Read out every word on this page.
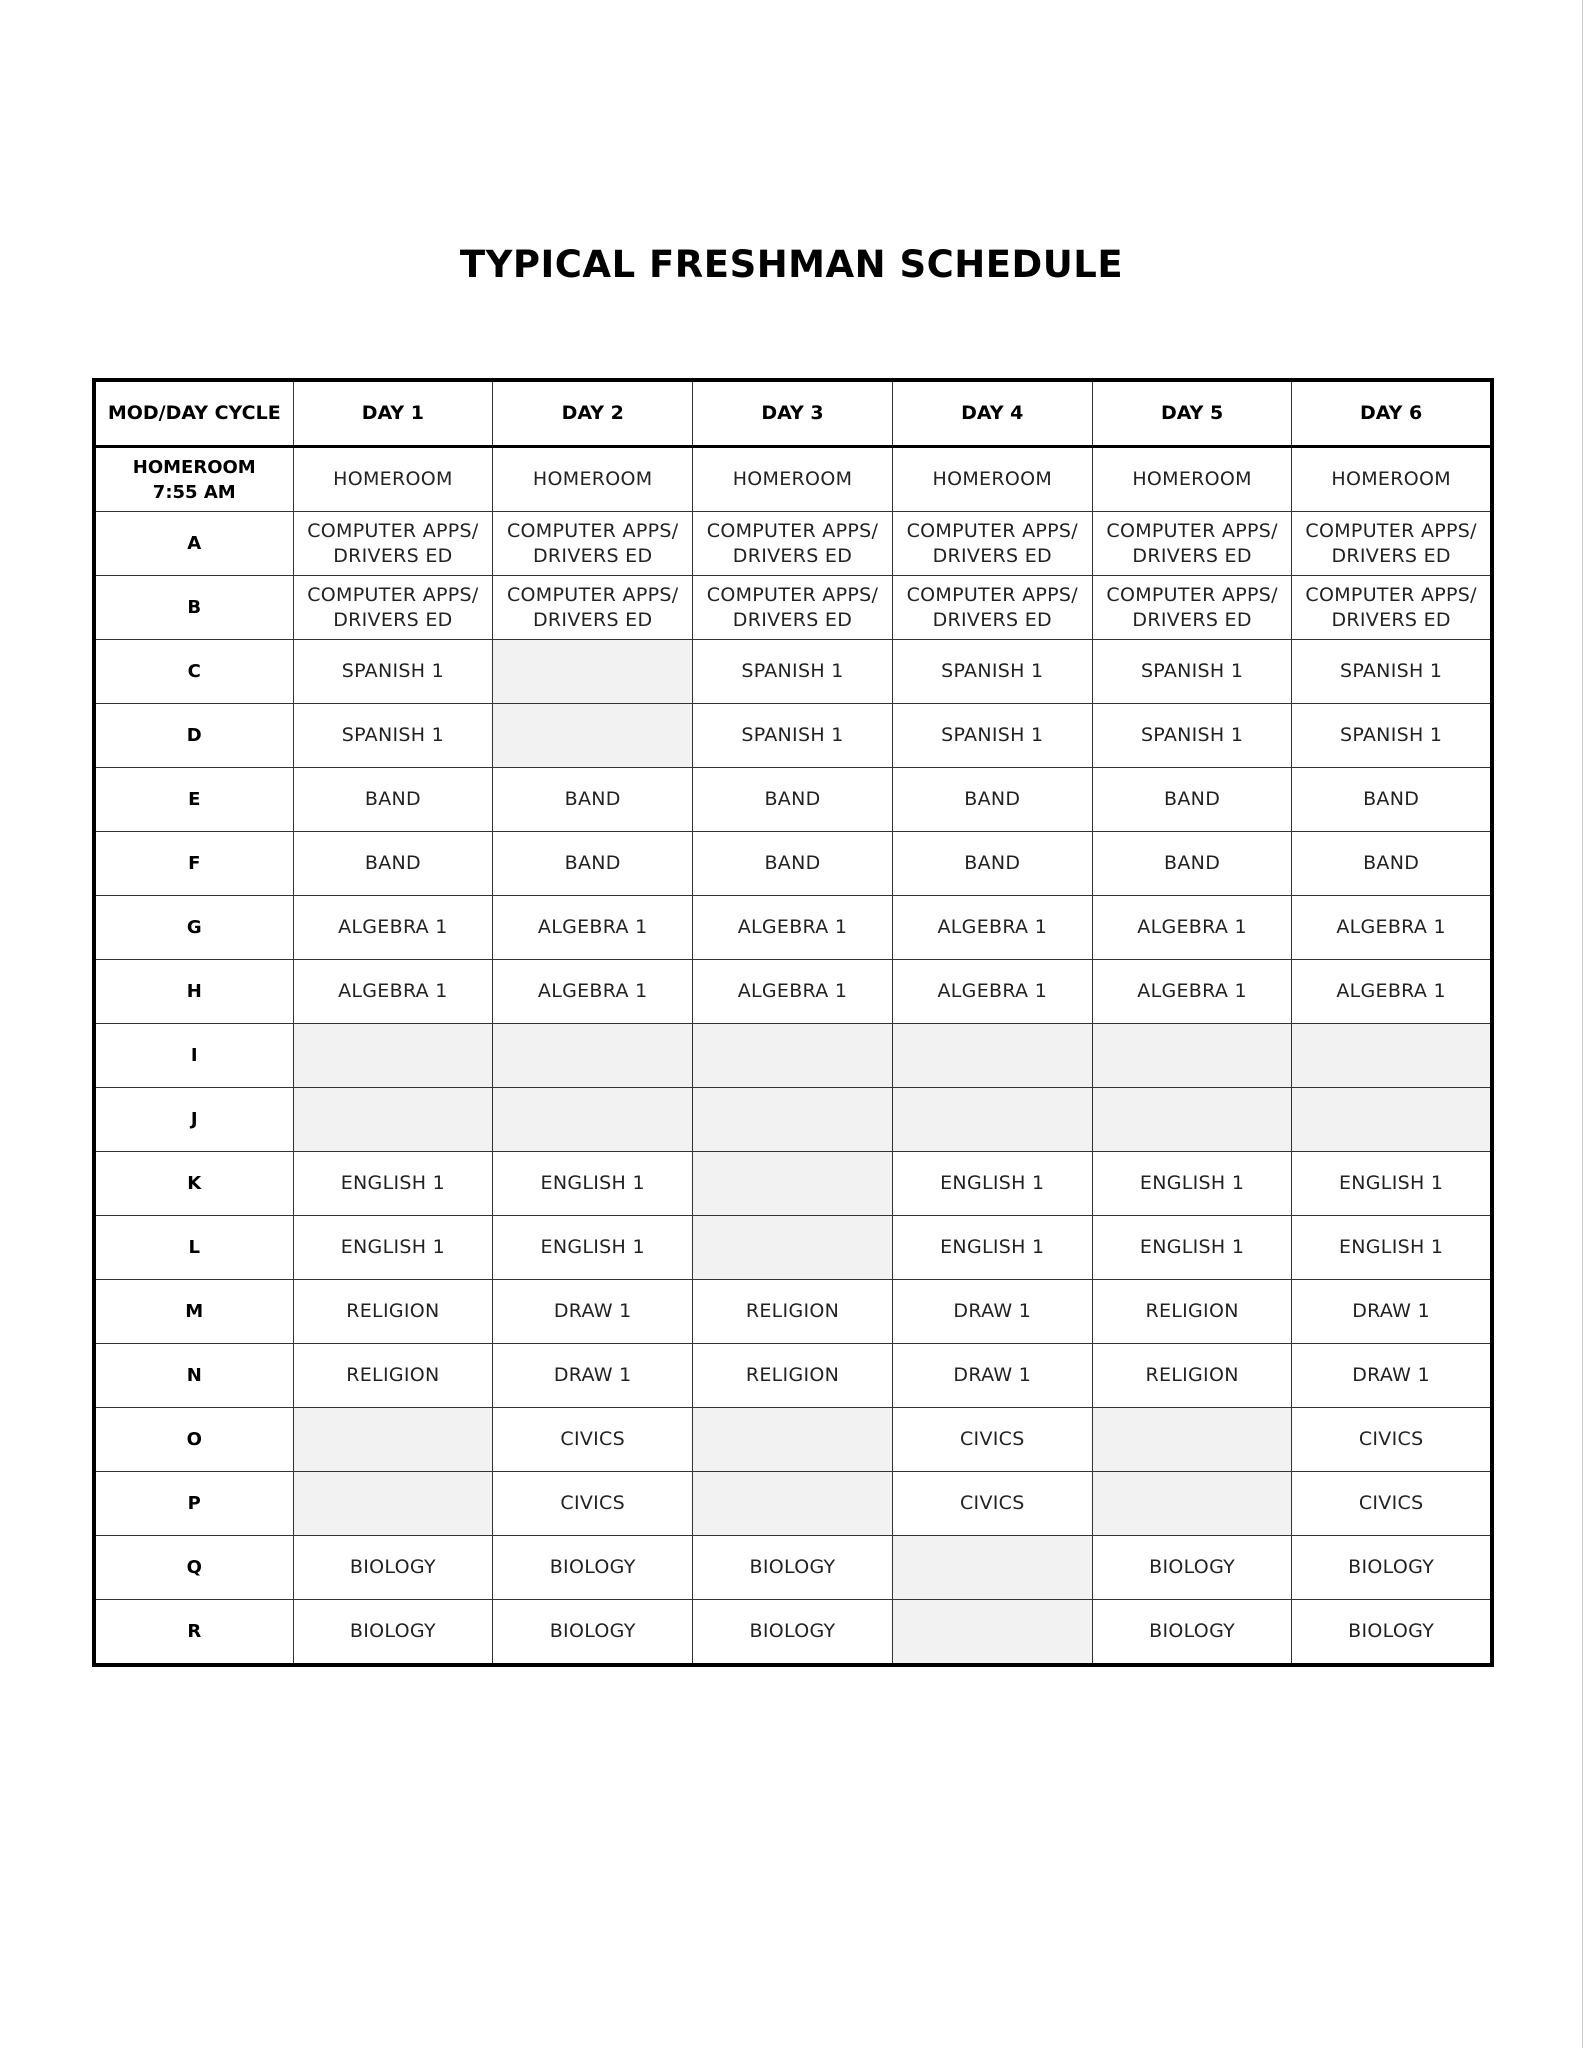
TYPICAL FRESHMAN SCHEDULE
MOD/DAY CYCLE	DAY 1	DAY 2	DAY 3	DAY 4	DAY 5	DAY 6

HOMEROOM
7:55 AM	HOMEROOM	HOMEROOM	HOMEROOM	HOMEROOM	HOMEROOM	HOMEROOM
A	COMPUTER APPS/
DRIVERS ED	COMPUTER APPS/
DRIVERS ED	COMPUTER APPS/
DRIVERS ED	COMPUTER APPS/
DRIVERS ED	COMPUTER APPS/
DRIVERS ED	COMPUTER APPS/
DRIVERS ED
B	COMPUTER APPS/
DRIVERS ED	COMPUTER APPS/
DRIVERS ED	COMPUTER APPS/
DRIVERS ED	COMPUTER APPS/
DRIVERS ED	COMPUTER APPS/
DRIVERS ED	COMPUTER APPS/
DRIVERS ED
C	SPANISH 1		SPANISH 1	SPANISH 1	SPANISH 1	SPANISH 1
D	SPANISH 1		SPANISH 1	SPANISH 1	SPANISH 1	SPANISH 1
E	BAND	BAND	BAND	BAND	BAND	BAND
F	BAND	BAND	BAND	BAND	BAND	BAND
G	ALGEBRA 1	ALGEBRA 1	ALGEBRA 1	ALGEBRA 1	ALGEBRA 1	ALGEBRA 1
H	ALGEBRA 1	ALGEBRA 1	ALGEBRA 1	ALGEBRA 1	ALGEBRA 1	ALGEBRA 1
I						
J						
K	ENGLISH 1	ENGLISH 1		ENGLISH 1	ENGLISH 1	ENGLISH 1
L	ENGLISH 1	ENGLISH 1		ENGLISH 1	ENGLISH 1	ENGLISH 1
M	RELIGION	DRAW 1	RELIGION	DRAW 1	RELIGION	DRAW 1
N	RELIGION	DRAW 1	RELIGION	DRAW 1	RELIGION	DRAW 1
O		CIVICS		CIVICS		CIVICS
P		CIVICS		CIVICS		CIVICS
Q	BIOLOGY	BIOLOGY	BIOLOGY		BIOLOGY	BIOLOGY
R	BIOLOGY	BIOLOGY	BIOLOGY		BIOLOGY	BIOLOGY
